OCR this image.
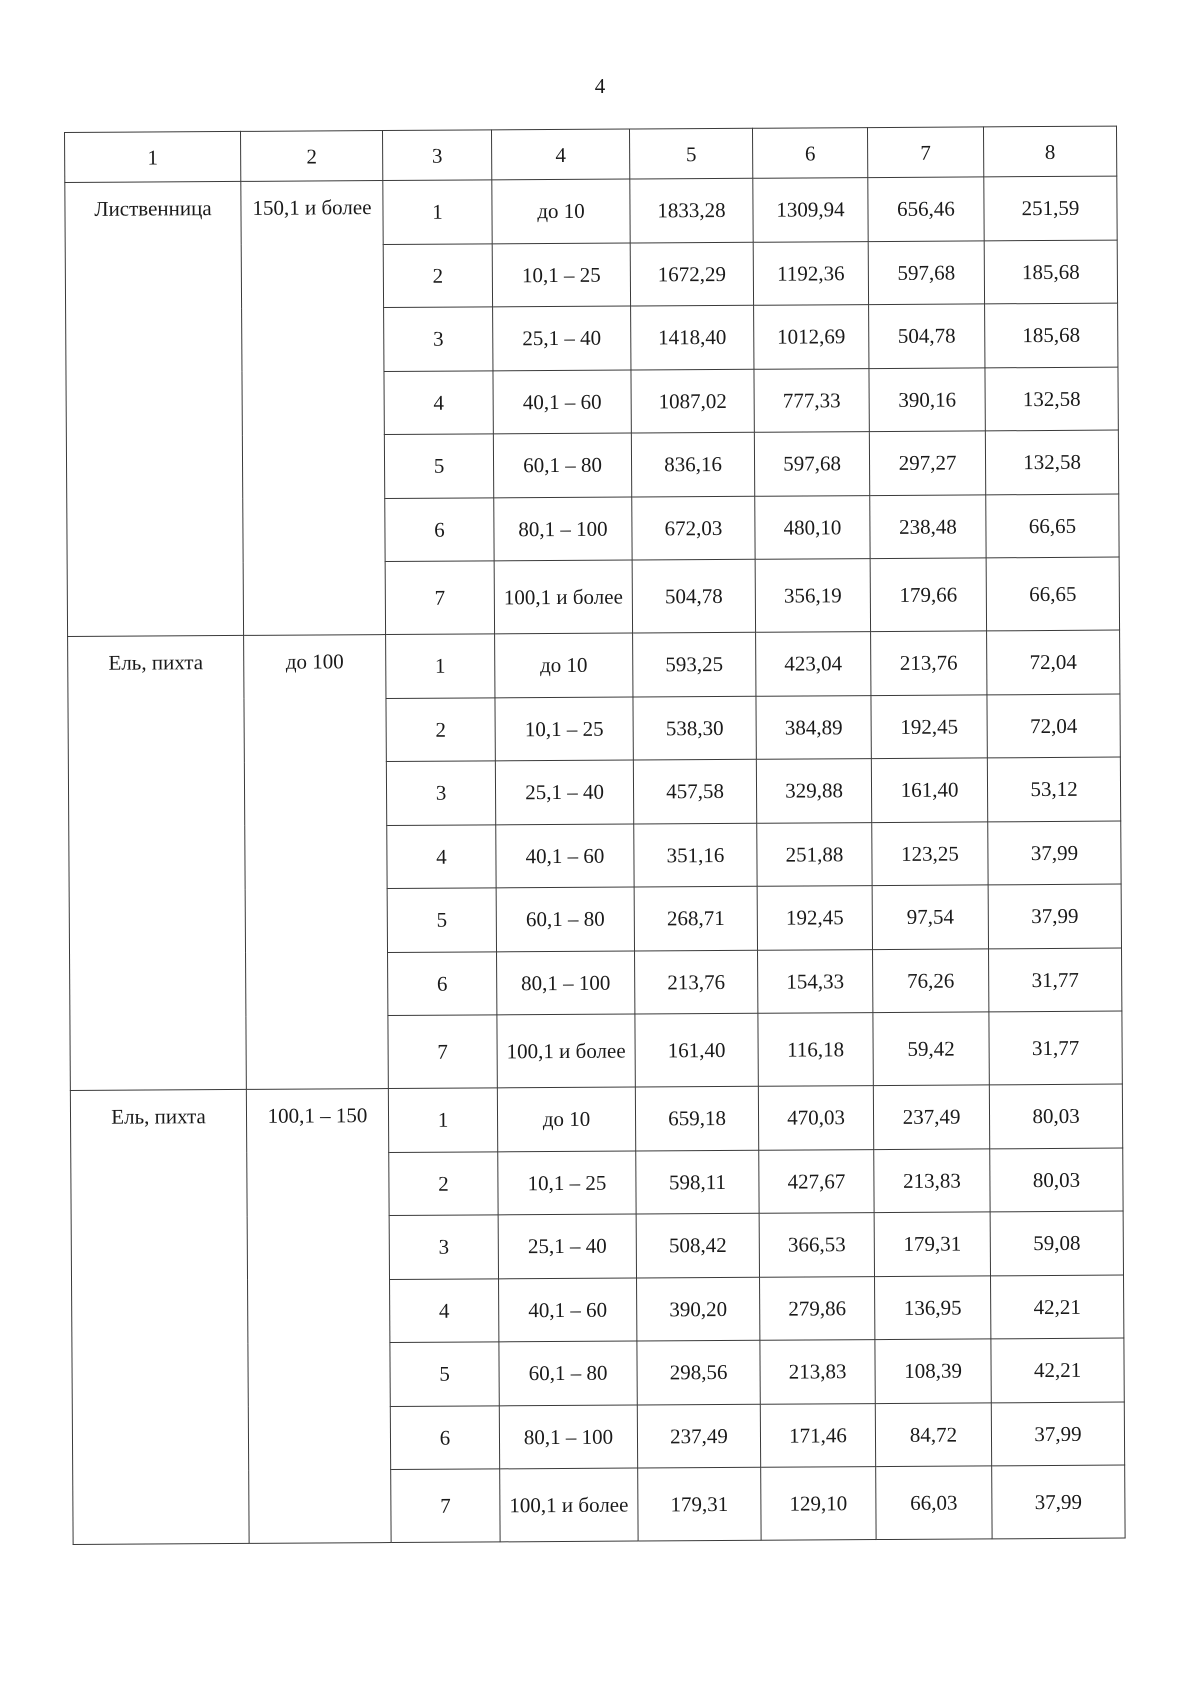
4
1	2	3	4	5	6	7	8
Лиственница	150,1 и более	1	до 10	1833,28	1309,94	656,46	251,59
		2	10,1 – 25	1672,29	1192,36	597,68	185,68
		3	25,1 – 40	1418,40	1012,69	504,78	185,68
		4	40,1 – 60	1087,02	777,33	390,16	132,58
		5	60,1 – 80	836,16	597,68	297,27	132,58
		6	80,1 – 100	672,03	480,10	238,48	66,65
		7	100,1 и более	504,78	356,19	179,66	66,65
Ель, пихта	до 100	1	до 10	593,25	423,04	213,76	72,04
		2	10,1 – 25	538,30	384,89	192,45	72,04
		3	25,1 – 40	457,58	329,88	161,40	53,12
		4	40,1 – 60	351,16	251,88	123,25	37,99
		5	60,1 – 80	268,71	192,45	97,54	37,99
		6	80,1 – 100	213,76	154,33	76,26	31,77
		7	100,1 и более	161,40	116,18	59,42	31,77
Ель, пихта	100,1 – 150	1	до 10	659,18	470,03	237,49	80,03
		2	10,1 – 25	598,11	427,67	213,83	80,03
		3	25,1 – 40	508,42	366,53	179,31	59,08
		4	40,1 – 60	390,20	279,86	136,95	42,21
		5	60,1 – 80	298,56	213,83	108,39	42,21
		6	80,1 – 100	237,49	171,46	84,72	37,99
		7	100,1 и более	179,31	129,10	66,03	37,99
